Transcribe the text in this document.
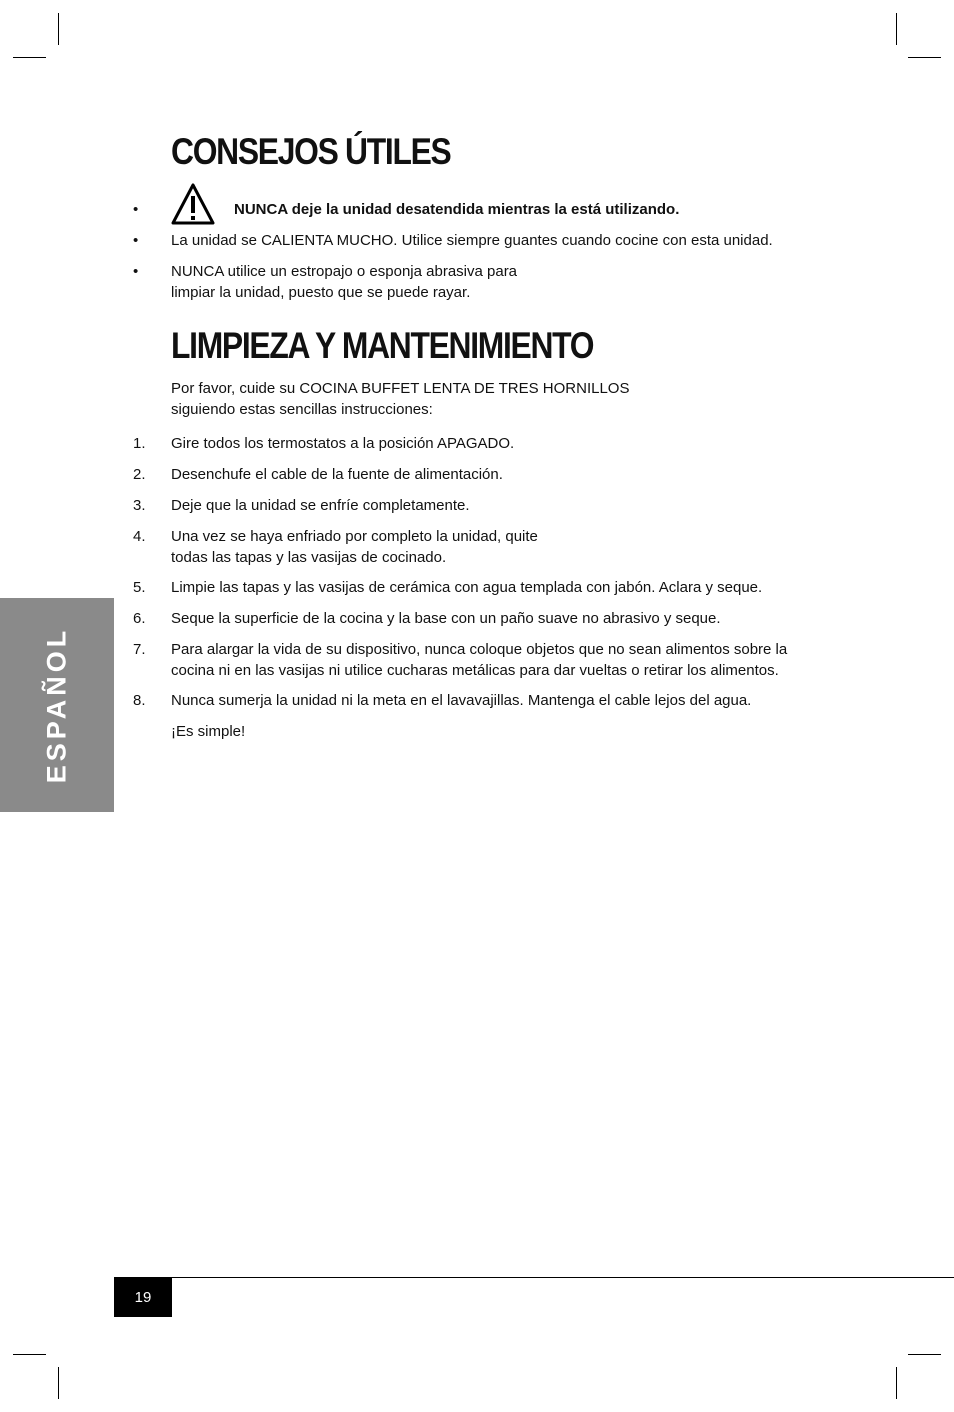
CONSEJOS ÚTILES
•	NUNCA deje la unidad desatendida mientras la está utilizando.
• La unidad se CALIENTA MUCHO. Utilice siempre guantes cuando cocine con esta unidad.
• NUNCA utilice un estropajo o esponja abrasiva para
limpiar la unidad, puesto que se puede rayar.
LIMPIEZA Y MANTENIMIENTO
Por favor, cuide su COCINA BUFFET LENTA DE TRES HORNILLOS
siguiendo estas sencillas instrucciones:
1. Gire todos los termostatos a la posición APAGADO.
2. Desenchufe el cable de la fuente de alimentación.
3. Deje que la unidad se enfríe completamente.
4. Una vez se haya enfriado por completo la unidad, quite
todas las tapas y las vasijas de cocinado.
5. Limpie las tapas y las vasijas de cerámica con agua templada con jabón. Aclara y seque.
6. Seque la superficie de la cocina y la base con un paño suave no abrasivo y seque.
7. Para alargar la vida de su dispositivo, nunca coloque objetos que no sean alimentos sobre la
cocina ni en las vasijas ni utilice cucharas metálicas para dar vueltas o retirar los alimentos.
8. Nunca sumerja la unidad ni la meta en el lavavajillas. Mantenga el cable lejos del agua.
¡Es simple!
ESPAÑOL
19
